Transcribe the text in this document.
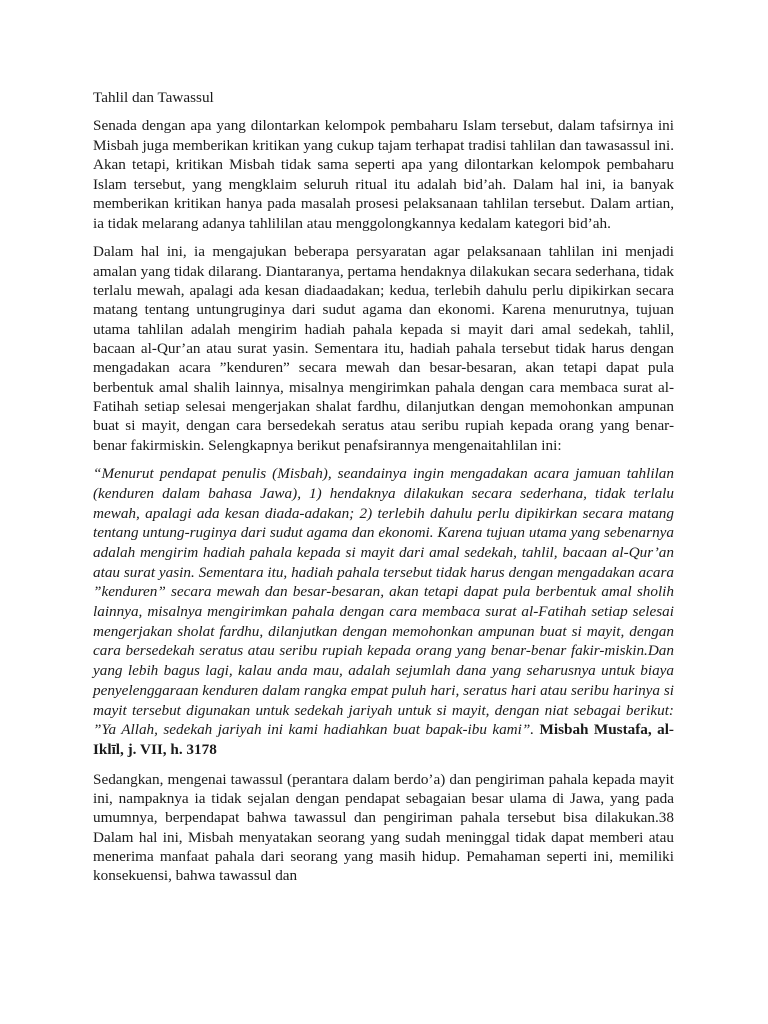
Tahlil dan Tawassul

Senada dengan apa yang dilontarkan kelompok pembaharu Islam tersebut, dalam tafsirnya ini Misbah juga memberikan kritikan yang cukup tajam terhapat tradisi tahlilan dan tawasassul ini. Akan tetapi, kritikan Misbah tidak sama seperti apa yang dilontarkan kelompok pembaharu Islam tersebut, yang mengklaim seluruh ritual itu adalah bid’ah. Dalam hal ini, ia banyak memberikan kritikan hanya pada masalah prosesi pelaksanaan tahlilan tersebut. Dalam artian, ia tidak melarang adanya tahlililan atau menggolongkannya kedalam kategori bid’ah.

Dalam hal ini, ia mengajukan beberapa persyaratan agar pelaksanaan tahlilan ini menjadi amalan yang tidak dilarang. Diantaranya, pertama hendaknya dilakukan secara sederhana, tidak terlalu mewah, apalagi ada kesan diadaadakan; kedua, terlebih dahulu perlu dipikirkan secara matang tentang untungruginya dari sudut agama dan ekonomi. Karena menurutnya, tujuan utama tahlilan adalah mengirim hadiah pahala kepada si mayit dari amal sedekah, tahlil, bacaan al-Qur’an atau surat yasin. Sementara itu, hadiah pahala tersebut tidak harus dengan mengadakan acara ”kenduren” secara mewah dan besar-besaran, akan tetapi dapat pula berbentuk amal shalih lainnya, misalnya mengirimkan pahala dengan cara membaca surat al-Fatihah setiap selesai mengerjakan shalat fardhu, dilanjutkan dengan memohonkan ampunan buat si mayit, dengan cara bersedekah seratus atau seribu rupiah kepada orang yang benar-benar fakirmiskin. Selengkapnya berikut penafsirannya mengenaitahlilan ini:

“Menurut pendapat penulis (Misbah), seandainya ingin mengadakan acara jamuan tahlilan (kenduren dalam bahasa Jawa), 1) hendaknya dilakukan secara sederhana, tidak terlalu mewah, apalagi ada kesan diada-adakan; 2) terlebih dahulu perlu dipikirkan secara matang tentang untung-ruginya dari sudut agama dan ekonomi. Karena tujuan utama yang sebenarnya adalah mengirim hadiah pahala kepada si mayit dari amal sedekah, tahlil, bacaan al-Qur’an atau surat yasin. Sementara itu, hadiah pahala tersebut tidak harus dengan mengadakan acara ”kenduren” secara mewah dan besar-besaran, akan tetapi dapat pula berbentuk amal sholih lainnya, misalnya mengirimkan pahala dengan cara membaca surat al-Fatihah setiap selesai mengerjakan sholat fardhu, dilanjutkan dengan memohonkan ampunan buat si mayit, dengan cara bersedekah seratus atau seribu rupiah kepada orang yang benar-benar fakir-miskin.Dan yang lebih bagus lagi, kalau anda mau, adalah sejumlah dana yang seharusnya untuk biaya penyelenggaraan kenduren dalam rangka empat puluh hari, seratus hari atau seribu harinya si mayit tersebut digunakan untuk sedekah jariyah untuk si mayit, dengan niat sebagai berikut: ”Ya Allah, sedekah jariyah ini kami hadiahkan buat bapak-ibu kami”. Misbah Mustafa, al-Iklīl, j. VII, h. 3178

Sedangkan, mengenai tawassul (perantara dalam berdo’a) dan pengiriman pahala kepada mayit ini, nampaknya ia tidak sejalan dengan pendapat sebagaian besar ulama di Jawa, yang pada umumnya, berpendapat bahwa tawassul dan pengiriman pahala tersebut bisa dilakukan.38 Dalam hal ini, Misbah menyatakan seorang yang sudah meninggal tidak dapat memberi atau menerima manfaat pahala dari seorang yang masih hidup. Pemahaman seperti ini, memiliki konsekuensi, bahwa tawassul dan
